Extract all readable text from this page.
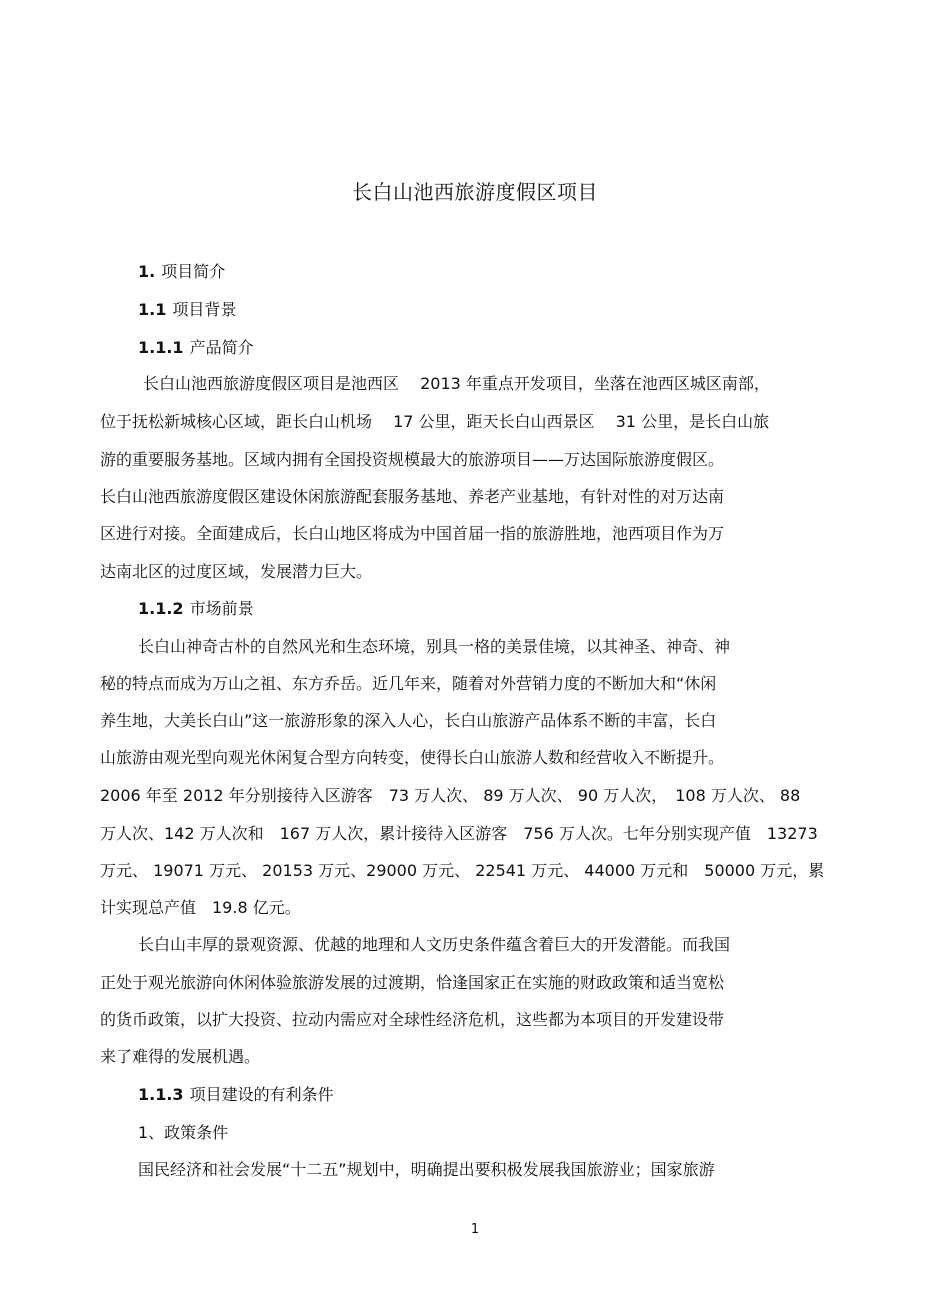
长白山池西旅游度假区项目
1. 项目简介
1.1 项目背景
1.1.1 产品简介
长白山池西旅游度假区项目是池西区　 2013 年重点开发项目，坐落在池西区城区南部，
位于抚松新城核心区域，距长白山机场　 17 公里，距天长白山西景区　 31 公里，是长白山旅
游的重要服务基地。区域内拥有全国投资规模最大的旅游项目——万达国际旅游度假区。
长白山池西旅游度假区建设休闲旅游配套服务基地、养老产业基地，有针对性的对万达南
区进行对接。全面建成后，长白山地区将成为中国首届一指的旅游胜地，池西项目作为万
达南北区的过度区域，发展潜力巨大。
1.1.2 市场前景
长白山神奇古朴的自然风光和生态环境，别具一格的美景佳境，以其神圣、神奇、神
秘的特点而成为万山之祖、东方乔岳。近几年来，随着对外营销力度的不断加大和“休闲
养生地，大美长白山”这一旅游形象的深入人心，长白山旅游产品体系不断的丰富，长白
山旅游由观光型向观光休闲复合型方向转变，使得长白山旅游人数和经营收入不断提升。
2006 年至 2012 年分别接待入区游客　73 万人次、 89 万人次、 90 万人次，　108 万人次、 88
万人次、142 万人次和　167 万人次，累计接待入区游客　756 万人次。七年分别实现产值　13273
万元、 19071 万元、 20153 万元、29000 万元、 22541 万元、 44000 万元和　50000 万元，累
计实现总产值　19.8 亿元。
长白山丰厚的景观资源、优越的地理和人文历史条件蕴含着巨大的开发潜能。而我国
正处于观光旅游向休闲体验旅游发展的过渡期，恰逢国家正在实施的财政政策和适当宽松
的货币政策，以扩大投资、拉动内需应对全球性经济危机，这些都为本项目的开发建设带
来了难得的发展机遇。
1.1.3 项目建设的有利条件
1、政策条件
国民经济和社会发展“十二五”规划中，明确提出要积极发展我国旅游业；国家旅游
1
